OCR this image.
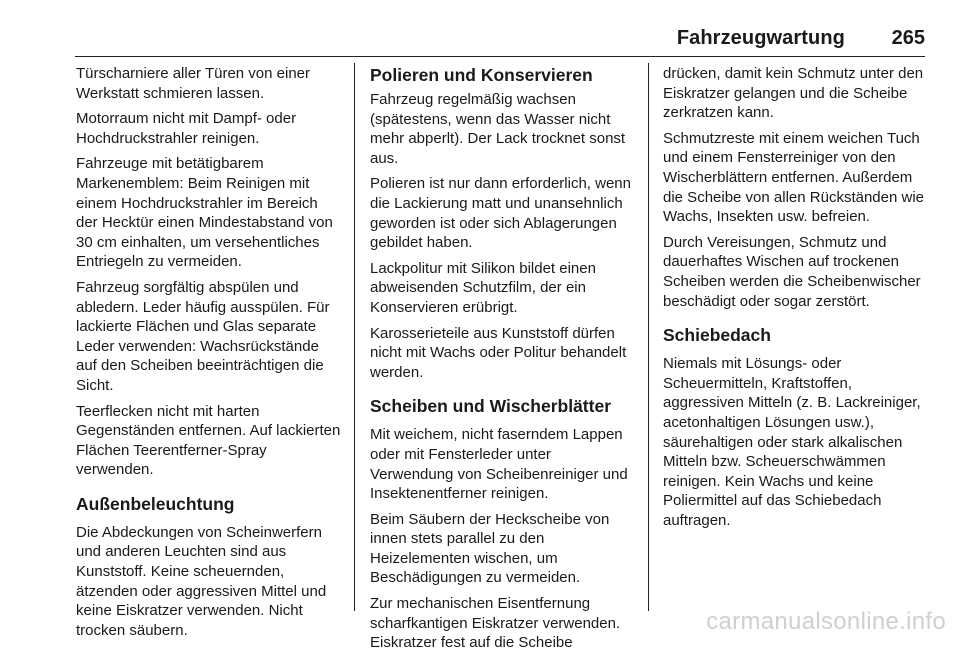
Fahrzeugwartung 265

Türscharniere aller Türen von einer Werkstatt schmieren lassen.

Motorraum nicht mit Dampf- oder Hochdruckstrahler reinigen.

Fahrzeuge mit betätigbarem Markenemblem: Beim Reinigen mit einem Hochdruckstrahler im Bereich der Hecktür einen Mindestabstand von 30 cm einhalten, um versehentliches Entriegeln zu vermeiden.

Fahrzeug sorgfältig abspülen und abledern. Leder häufig ausspülen. Für lackierte Flächen und Glas separate Leder verwenden: Wachsrückstände auf den Scheiben beeinträchtigen die Sicht.

Teerflecken nicht mit harten Gegenständen entfernen. Auf lackierten Flächen Teerentferner-Spray verwenden.

Außenbeleuchtung

Die Abdeckungen von Scheinwerfern und anderen Leuchten sind aus Kunststoff. Keine scheuernden, ätzenden oder aggressiven Mittel und keine Eiskratzer verwenden. Nicht trocken säubern.

Polieren und Konservieren

Fahrzeug regelmäßig wachsen (spätestens, wenn das Wasser nicht mehr abperlt). Der Lack trocknet sonst aus.

Polieren ist nur dann erforderlich, wenn die Lackierung matt und unansehnlich geworden ist oder sich Ablagerungen gebildet haben.

Lackpolitur mit Silikon bildet einen abweisenden Schutzfilm, der ein Konservieren erübrigt.

Karosserieteile aus Kunststoff dürfen nicht mit Wachs oder Politur behandelt werden.

Scheiben und Wischerblätter

Mit weichem, nicht faserndem Lappen oder mit Fensterleder unter Verwendung von Scheibenreiniger und Insektenentferner reinigen.

Beim Säubern der Heckscheibe von innen stets parallel zu den Heizelementen wischen, um Beschädigungen zu vermeiden.

Zur mechanischen Eisentfernung scharfkantigen Eiskratzer verwenden. Eiskratzer fest auf die Scheibe

drücken, damit kein Schmutz unter den Eiskratzer gelangen und die Scheibe zerkratzen kann.

Schmutzreste mit einem weichen Tuch und einem Fensterreiniger von den Wischerblättern entfernen. Außerdem die Scheibe von allen Rückständen wie Wachs, Insekten usw. befreien.

Durch Vereisungen, Schmutz und dauerhaftes Wischen auf trockenen Scheiben werden die Scheibenwischer beschädigt oder sogar zerstört.

Schiebedach

Niemals mit Lösungs- oder Scheuermitteln, Kraftstoffen, aggressiven Mitteln (z. B. Lackreiniger, acetonhaltigen Lösungen usw.), säurehaltigen oder stark alkalischen Mitteln bzw. Scheuerschwämmen reinigen. Kein Wachs und keine Poliermittel auf das Schiebedach auftragen.

carmanualsonline.info
